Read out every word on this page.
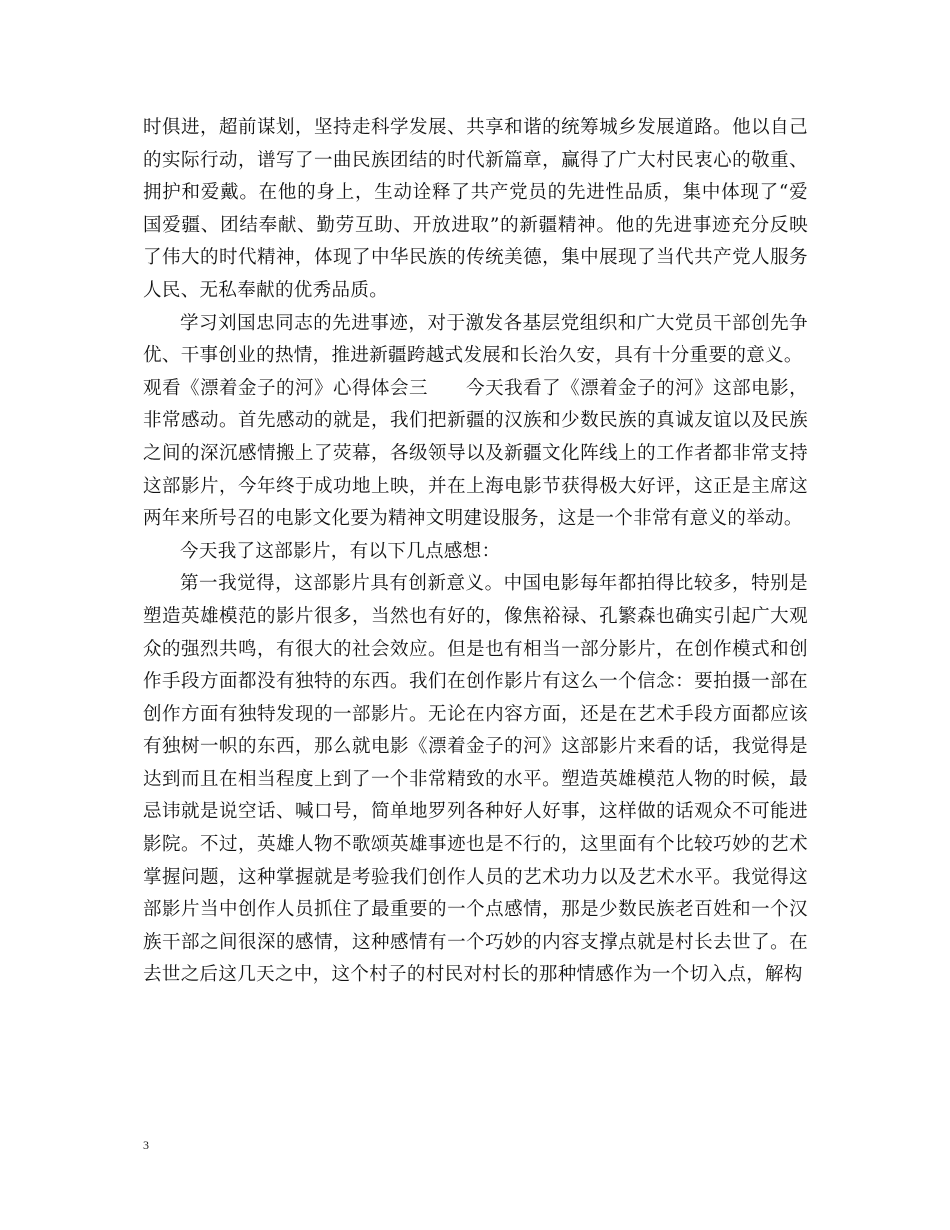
时俱进，超前谋划，坚持走科学发展、共享和谐的统筹城乡发展道路。他以自己的实际行动，谱写了一曲民族团结的时代新篇章，赢得了广大村民衷心的敬重、拥护和爱戴。在他的身上，生动诠释了共产党员的先进性品质，集中体现了“爱国爱疆、团结奉献、勤劳互助、开放进取”的新疆精神。他的先进事迹充分反映了伟大的时代精神，体现了中华民族的传统美德，集中展现了当代共产党人服务人民、无私奉献的优秀品质。

学习刘国忠同志的先进事迹，对于激发各基层党组织和广大党员干部创先争优、干事创业的热情，推进新疆跨越式发展和长治久安，具有十分重要的意义。

观看《漂着金子的河》心得体会三　　今天我看了《漂着金子的河》这部电影，非常感动。首先感动的就是，我们把新疆的汉族和少数民族的真诚友谊以及民族之间的深沉感情搬上了荧幕，各级领导以及新疆文化阵线上的工作者都非常支持这部影片，今年终于成功地上映，并在上海电影节获得极大好评，这正是主席这两年来所号召的电影文化要为精神文明建设服务，这是一个非常有意义的举动。

今天我了这部影片，有以下几点感想：

第一我觉得，这部影片具有创新意义。中国电影每年都拍得比较多，特别是塑造英雄模范的影片很多，当然也有好的，像焦裕禄、孔繁森也确实引起广大观众的强烈共鸣，有很大的社会效应。但是也有相当一部分影片，在创作模式和创作手段方面都没有独特的东西。我们在创作影片有这么一个信念：要拍摄一部在创作方面有独特发现的一部影片。无论在内容方面，还是在艺术手段方面都应该有独树一帜的东西，那么就电影《漂着金子的河》这部影片来看的话，我觉得是达到而且在相当程度上到了一个非常精致的水平。塑造英雄模范人物的时候，最忌讳就是说空话、喊口号，简单地罗列各种好人好事，这样做的话观众不可能进影院。不过，英雄人物不歌颂英雄事迹也是不行的，这里面有个比较巧妙的艺术掌握问题，这种掌握就是考验我们创作人员的艺术功力以及艺术水平。我觉得这部影片当中创作人员抓住了最重要的一个点感情，那是少数民族老百姓和一个汉族干部之间很深的感情，这种感情有一个巧妙的内容支撑点就是村长去世了。在去世之后这几天之中，这个村子的村民对村长的那种情感作为一个切入点，解构

3
